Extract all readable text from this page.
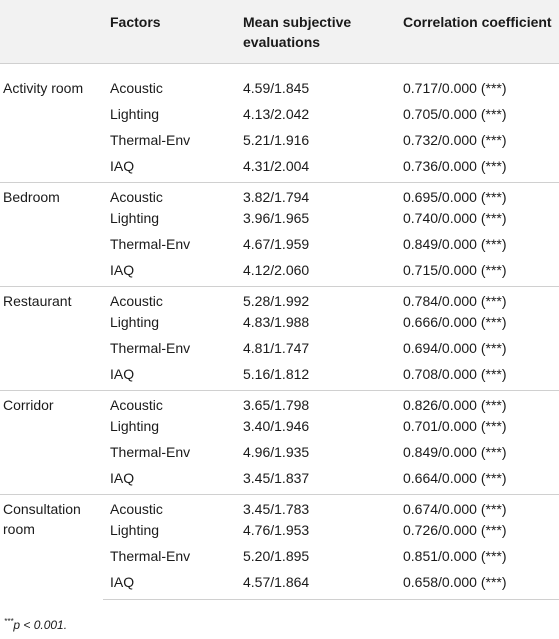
	Factors	Mean subjective evaluations	Correlation coefficient
Activity room	Acoustic	4.59/1.845	0.717/0.000 (***)
	Lighting	4.13/2.042	0.705/0.000 (***)
	Thermal-Env	5.21/1.916	0.732/0.000 (***)
	IAQ	4.31/2.004	0.736/0.000 (***)
Bedroom	Acoustic	3.82/1.794	0.695/0.000 (***)
	Lighting	3.96/1.965	0.740/0.000 (***)
	Thermal-Env	4.67/1.959	0.849/0.000 (***)
	IAQ	4.12/2.060	0.715/0.000 (***)
Restaurant	Acoustic	5.28/1.992	0.784/0.000 (***)
	Lighting	4.83/1.988	0.666/0.000 (***)
	Thermal-Env	4.81/1.747	0.694/0.000 (***)
	IAQ	5.16/1.812	0.708/0.000 (***)
Corridor	Acoustic	3.65/1.798	0.826/0.000 (***)
	Lighting	3.40/1.946	0.701/0.000 (***)
	Thermal-Env	4.96/1.935	0.849/0.000 (***)
	IAQ	3.45/1.837	0.664/0.000 (***)
Consultation room	Acoustic	3.45/1.783	0.674/0.000 (***)
	Lighting	4.76/1.953	0.726/0.000 (***)
	Thermal-Env	5.20/1.895	0.851/0.000 (***)
	IAQ	4.57/1.864	0.658/0.000 (***)
***p < 0.001.
